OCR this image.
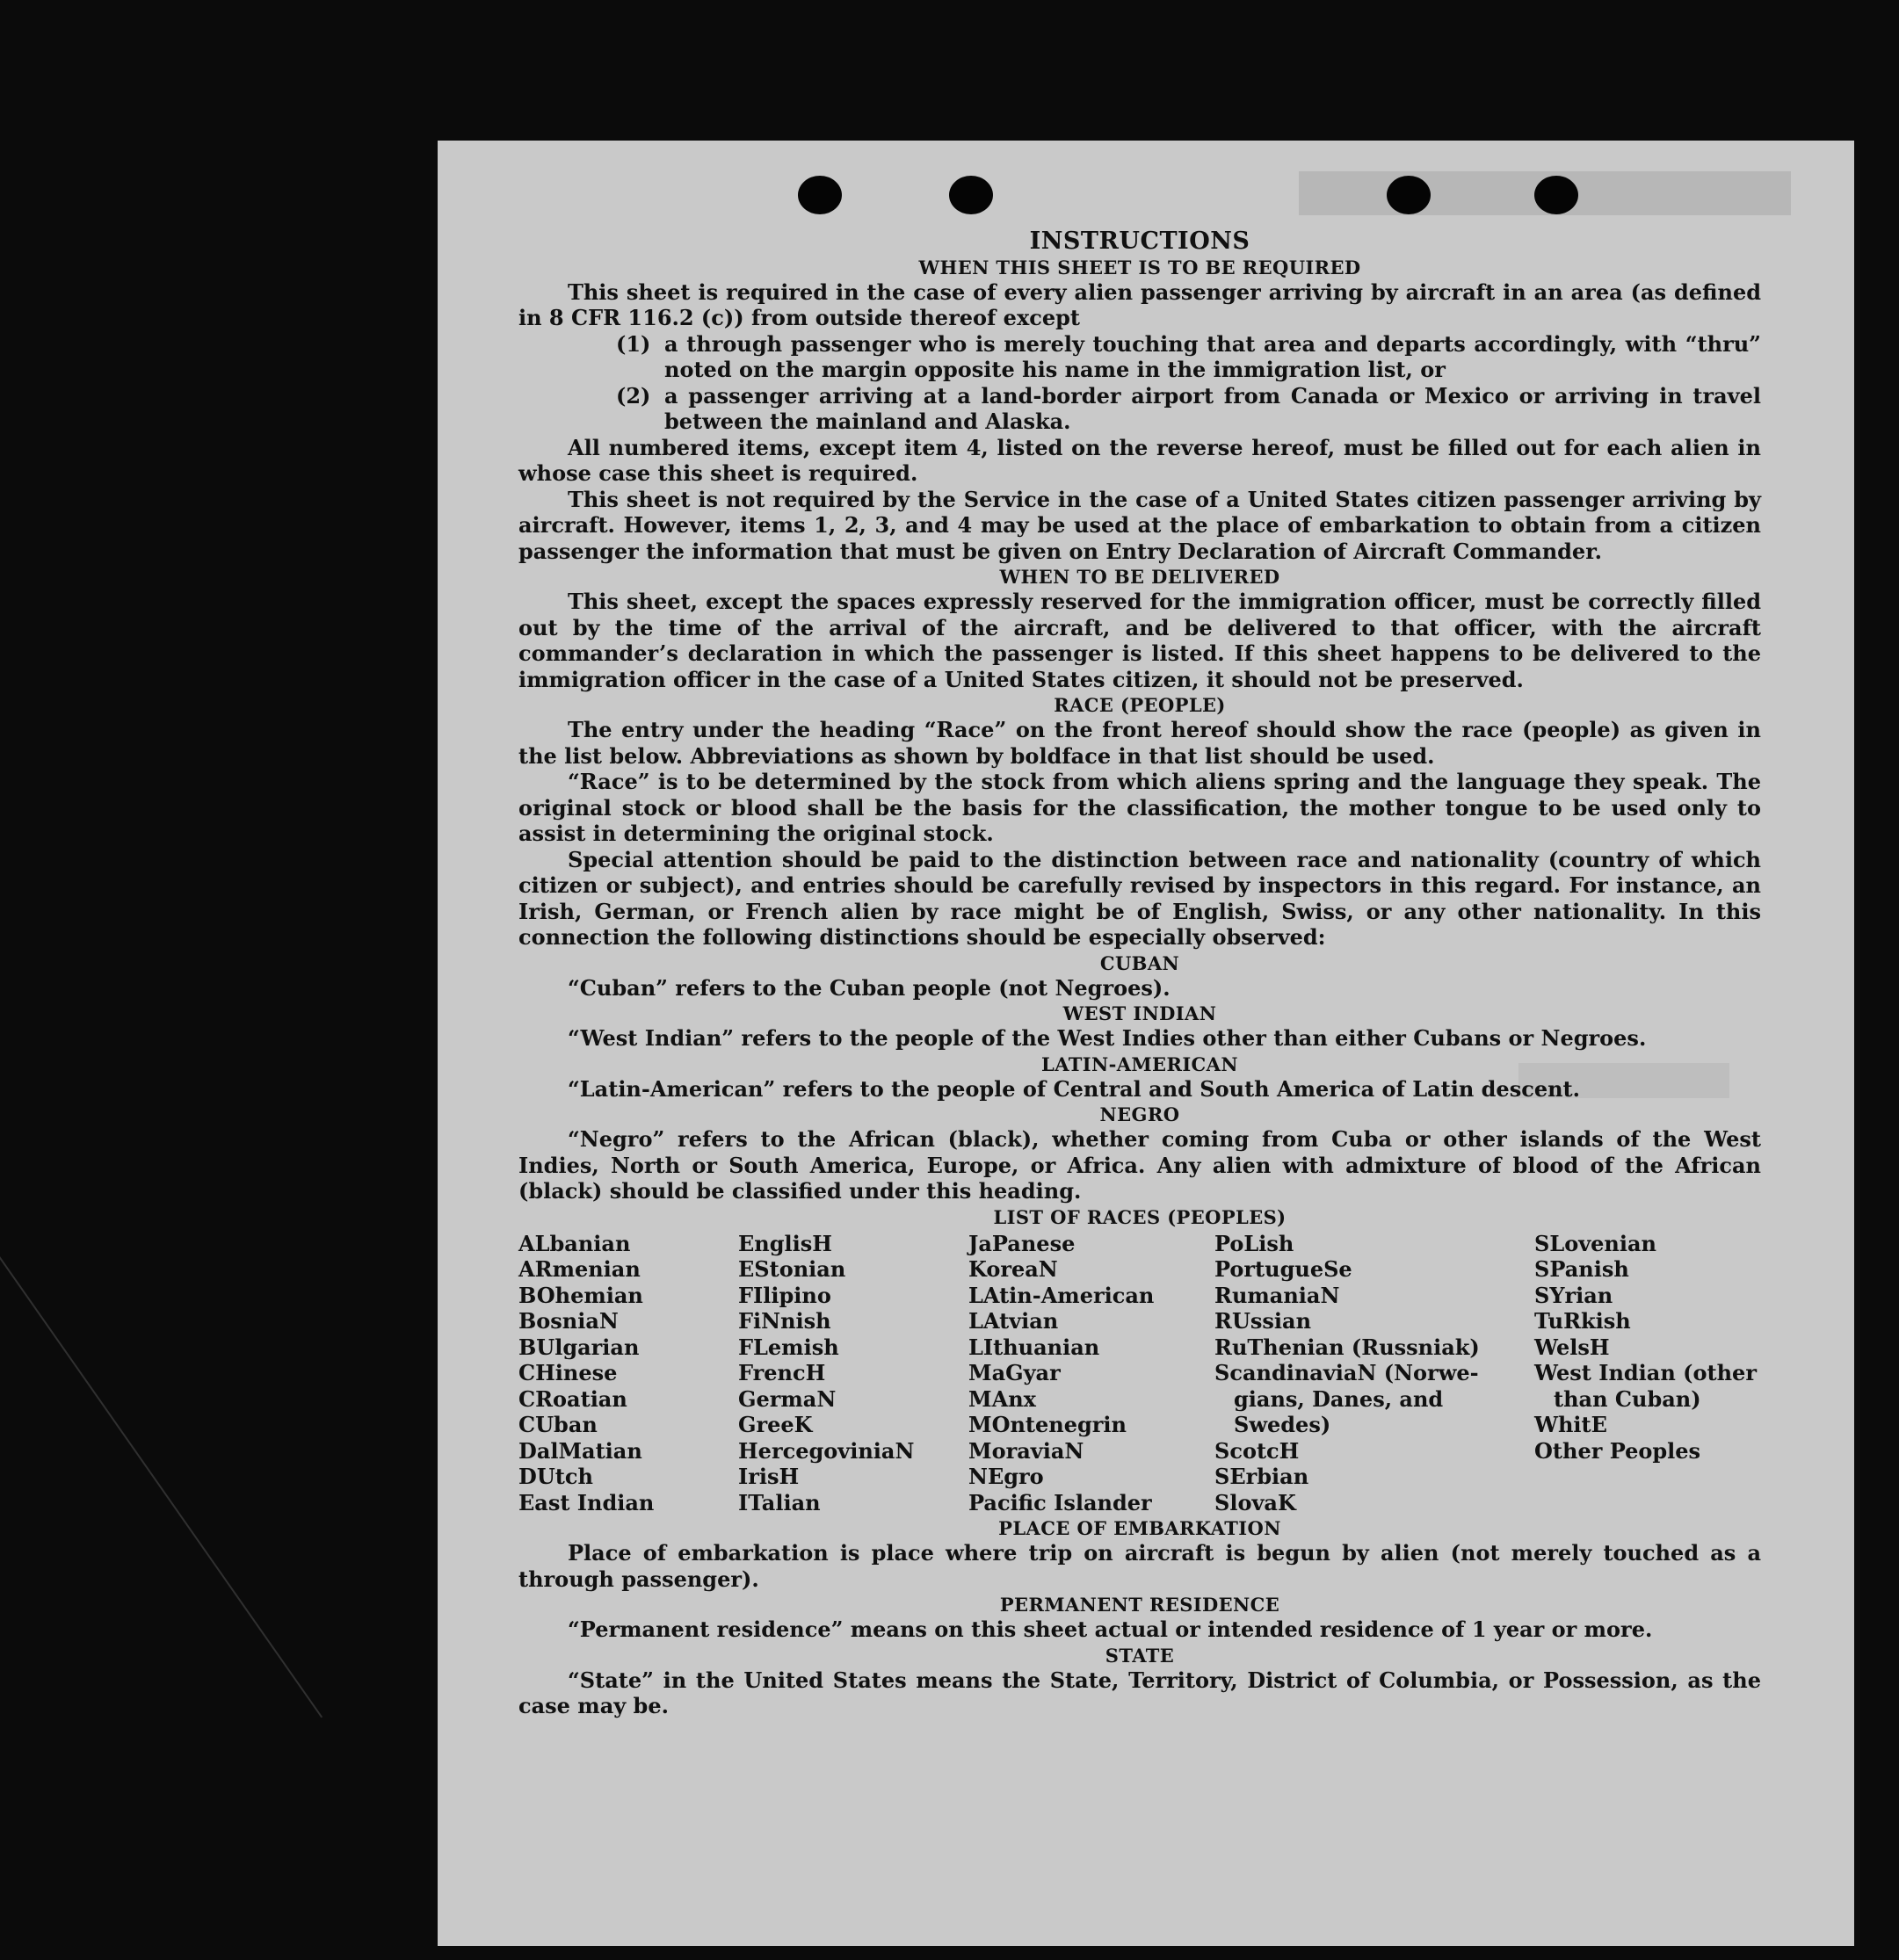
INSTRUCTIONS
WHEN THIS SHEET IS TO BE REQUIRED

This sheet is required in the case of every alien passenger arriving by aircraft in an area (as defined in 8 CFR 116.2 (c)) from outside thereof except

(1) a through passenger who is merely touching that area and departs accordingly, with “thru” noted on the margin opposite his name in the immigration list, or

(2) a passenger arriving at a land-border airport from Canada or Mexico or arriving in travel between the mainland and Alaska.

All numbered items, except item 4, listed on the reverse hereof, must be filled out for each alien in whose case this sheet is required.

This sheet is not required by the Service in the case of a United States citizen passenger arriving by aircraft. However, items 1, 2, 3, and 4 may be used at the place of embarkation to obtain from a citizen passenger the information that must be given on Entry Declaration of Aircraft Commander.

WHEN TO BE DELIVERED

This sheet, except the spaces expressly reserved for the immigration officer, must be correctly filled out by the time of the arrival of the aircraft, and be delivered to that officer, with the aircraft commander’s declaration in which the passenger is listed. If this sheet happens to be delivered to the immigration officer in the case of a United States citizen, it should not be preserved.

RACE (PEOPLE)

The entry under the heading “Race” on the front hereof should show the race (people) as given in the list below. Abbreviations as shown by boldface in that list should be used.

“Race” is to be determined by the stock from which aliens spring and the language they speak. The original stock or blood shall be the basis for the classification, the mother tongue to be used only to assist in determining the original stock.

Special attention should be paid to the distinction between race and nationality (country of which citizen or subject), and entries should be carefully revised by inspectors in this regard. For instance, an Irish, German, or French alien by race might be of English, Swiss, or any other nationality. In this connection the following distinctions should be especially observed:

CUBAN

“Cuban” refers to the Cuban people (not Negroes).

WEST INDIAN

“West Indian” refers to the people of the West Indies other than either Cubans or Negroes.

LATIN-AMERICAN

“Latin-American” refers to the people of Central and South America of Latin descent.

NEGRO

“Negro” refers to the African (black), whether coming from Cuba or other islands of the West Indies, North or South America, Europe, or Africa. Any alien with admixture of blood of the African (black) should be classified under this heading.

LIST OF RACES (PEOPLES)
ALbanian
ARmenian
BOhemian
BosniaN
BUlgarian
CHinese
CRoatian
CUban
DalMatian
DUtch
East Indian
EnglisH
EStonian
FIlipino
FiNnish
FLemish
FrencH
GermaN
GreeK
HercegoviniaN
IrisH
ITalian
JaPanese
KoreaN
LAtin-American
LAtvian
LIthuanian
MaGyar
MAnx
MOntenegrin
MoraviaN
NEgro
Pacific Islander
PoLish
PortugueSe
RumaniaN
RUssian
RuThenian (Russniak)
ScandinaviaN (Norwe-
gians, Danes, and
Swedes)
ScotcH
SErbian
SlovaK
SLovenian
SPanish
SYrian
TuRkish
WelsH
West Indian (other
than Cuban)
WhitE
Other Peoples
PLACE OF EMBARKATION

Place of embarkation is place where trip on aircraft is begun by alien (not merely touched as a through passenger).

PERMANENT RESIDENCE

“Permanent residence” means on this sheet actual or intended residence of 1 year or more.

STATE

“State” in the United States means the State, Territory, District of Columbia, or Possession, as the case may be.
